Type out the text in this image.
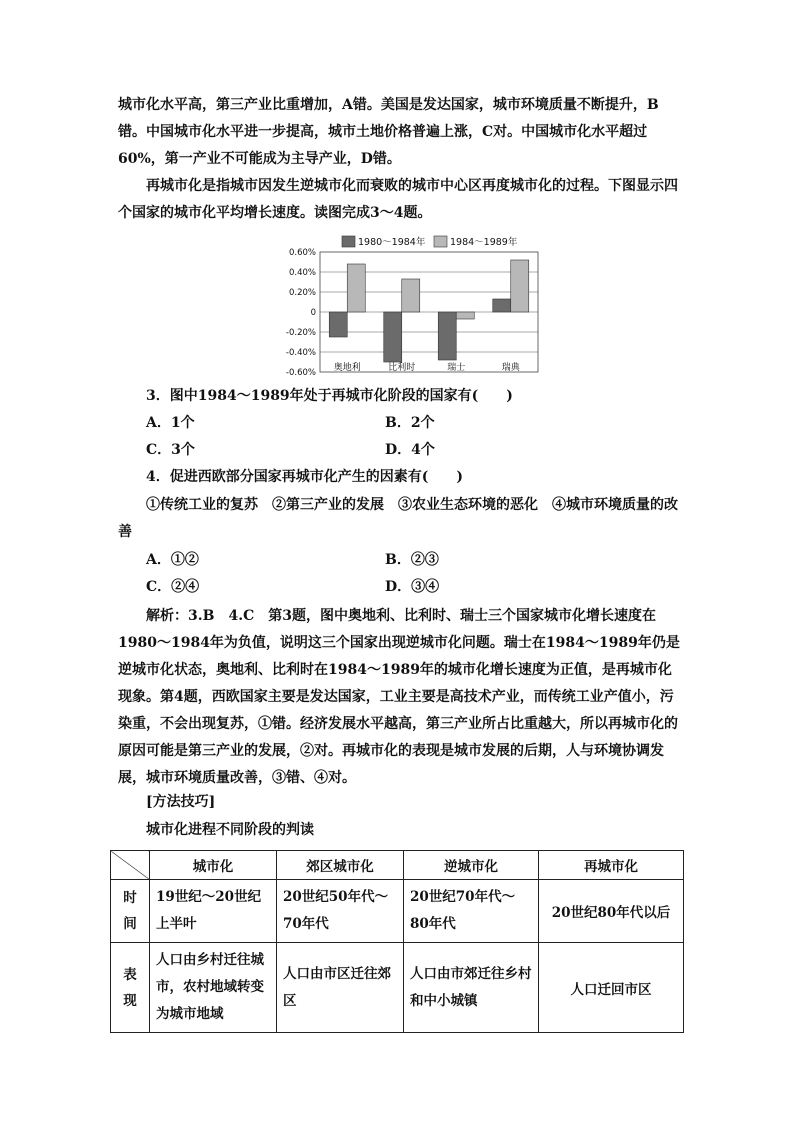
城市化水平高，第三产业比重增加，A错。美国是发达国家，城市环境质量不断提升，B错。中国城市化水平进一步提高，城市土地价格普遍上涨，C对。中国城市化水平超过60%，第一产业不可能成为主导产业，D错。

再城市化是指城市因发生逆城市化而衰败的城市中心区再度城市化的过程。下图显示四个国家的城市化平均增长速度。读图完成3～4题。

1980～1984年	1984～1989年
0.60%
0.40%
0.20%
0
-0.20%
-0.40%
-0.60% 奥地利	比利时	瑞士	瑞典
3．图中1984～1989年处于再城市化阶段的国家有(　　)
A．1个	B．2个
C．3个	D．4个
4．促进西欧部分国家再城市化产生的因素有(　　)

①传统工业的复苏　②第三产业的发展　③农业生态环境的恶化　④城市环境质量的改善

A．①②	B．②③
C．②④	D．③④

解析：3.B　4.C　第3题，图中奥地利、比利时、瑞士三个国家城市化增长速度在1980～1984年为负值，说明这三个国家出现逆城市化问题。瑞士在1984～1989年仍是逆城市化状态，奥地利、比利时在1984～1989年的城市化增长速度为正值，是再城市化现象。第4题，西欧国家主要是发达国家，工业主要是高技术产业，而传统工业产值小，污染重，不会出现复苏，①错。经济发展水平越高，第三产业所占比重越大，所以再城市化的原因可能是第三产业的发展，②对。再城市化的表现是城市发展的后期，人与环境协调发展，城市环境质量改善，③错、④对。

[方法技巧]
城市化进程不同阶段的判读
	城市化	郊区城市化	逆城市化	再城市化
时间	19世纪～20世纪上半叶	20世纪50年代～70年代	20世纪70年代～80年代	20世纪80年代以后
表现	人口由乡村迁往城市，农村地域转变为城市地域	人口由市区迁往郊区	人口由市郊迁往乡村和中小城镇	人口迁回市区
